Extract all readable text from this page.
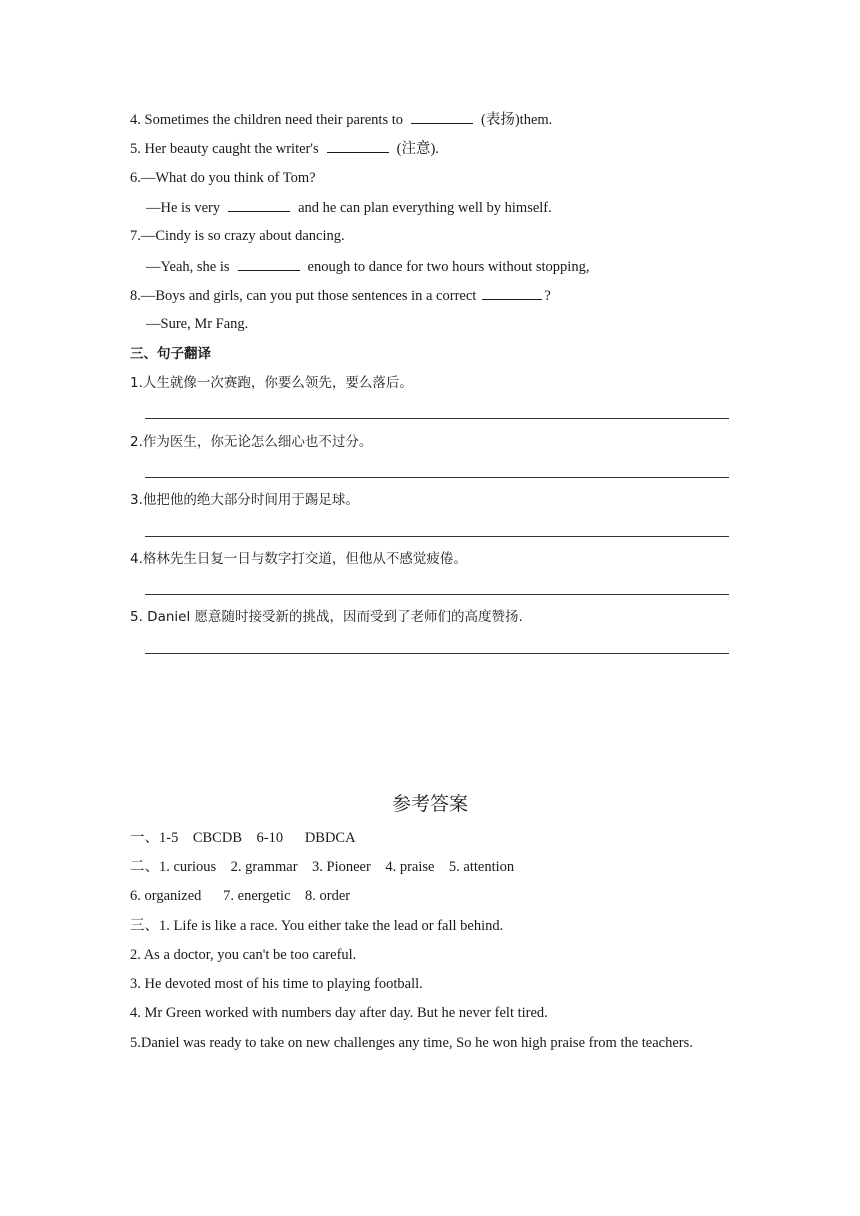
4. Sometimes the children need their parents to	(表扬)them.
5. Her beauty caught the writer's	(注意).
6.—What do you think of Tom?
—He is very	and he can plan everything well by himself.
7.—Cindy is so crazy about dancing.
—Yeah, she is	enough to dance for two hours without stopping,
8.—Boys and girls, can you put those sentences in a correct	?
—Sure, Mr Fang.
三、句子翻译
1.人生就像一次赛跑，你要么领先，要么落后。
2.作为医生，你无论怎么细心也不过分。
3.他把他的绝大部分时间用于踢足球。
4.格林先生日复一日与数字打交道，但他从不感觉疲倦。
5. Daniel 愿意随时接受新的挑战，因而受到了老师们的高度赞扬.
参考答案
一、1-5    CBCDB    6-10      DBDCA
二、1. curious    2. grammar    3. Pioneer    4. praise    5. attention
6. organized      7. energetic    8. order
三、1. Life is like a race. You either take the lead or fall behind.
2. As a doctor, you can't be too careful.
3. He devoted most of his time to playing football.
4. Mr Green worked with numbers day after day. But he never felt tired.
5.Daniel was ready to take on new challenges any time, So he won high praise from the teachers.
